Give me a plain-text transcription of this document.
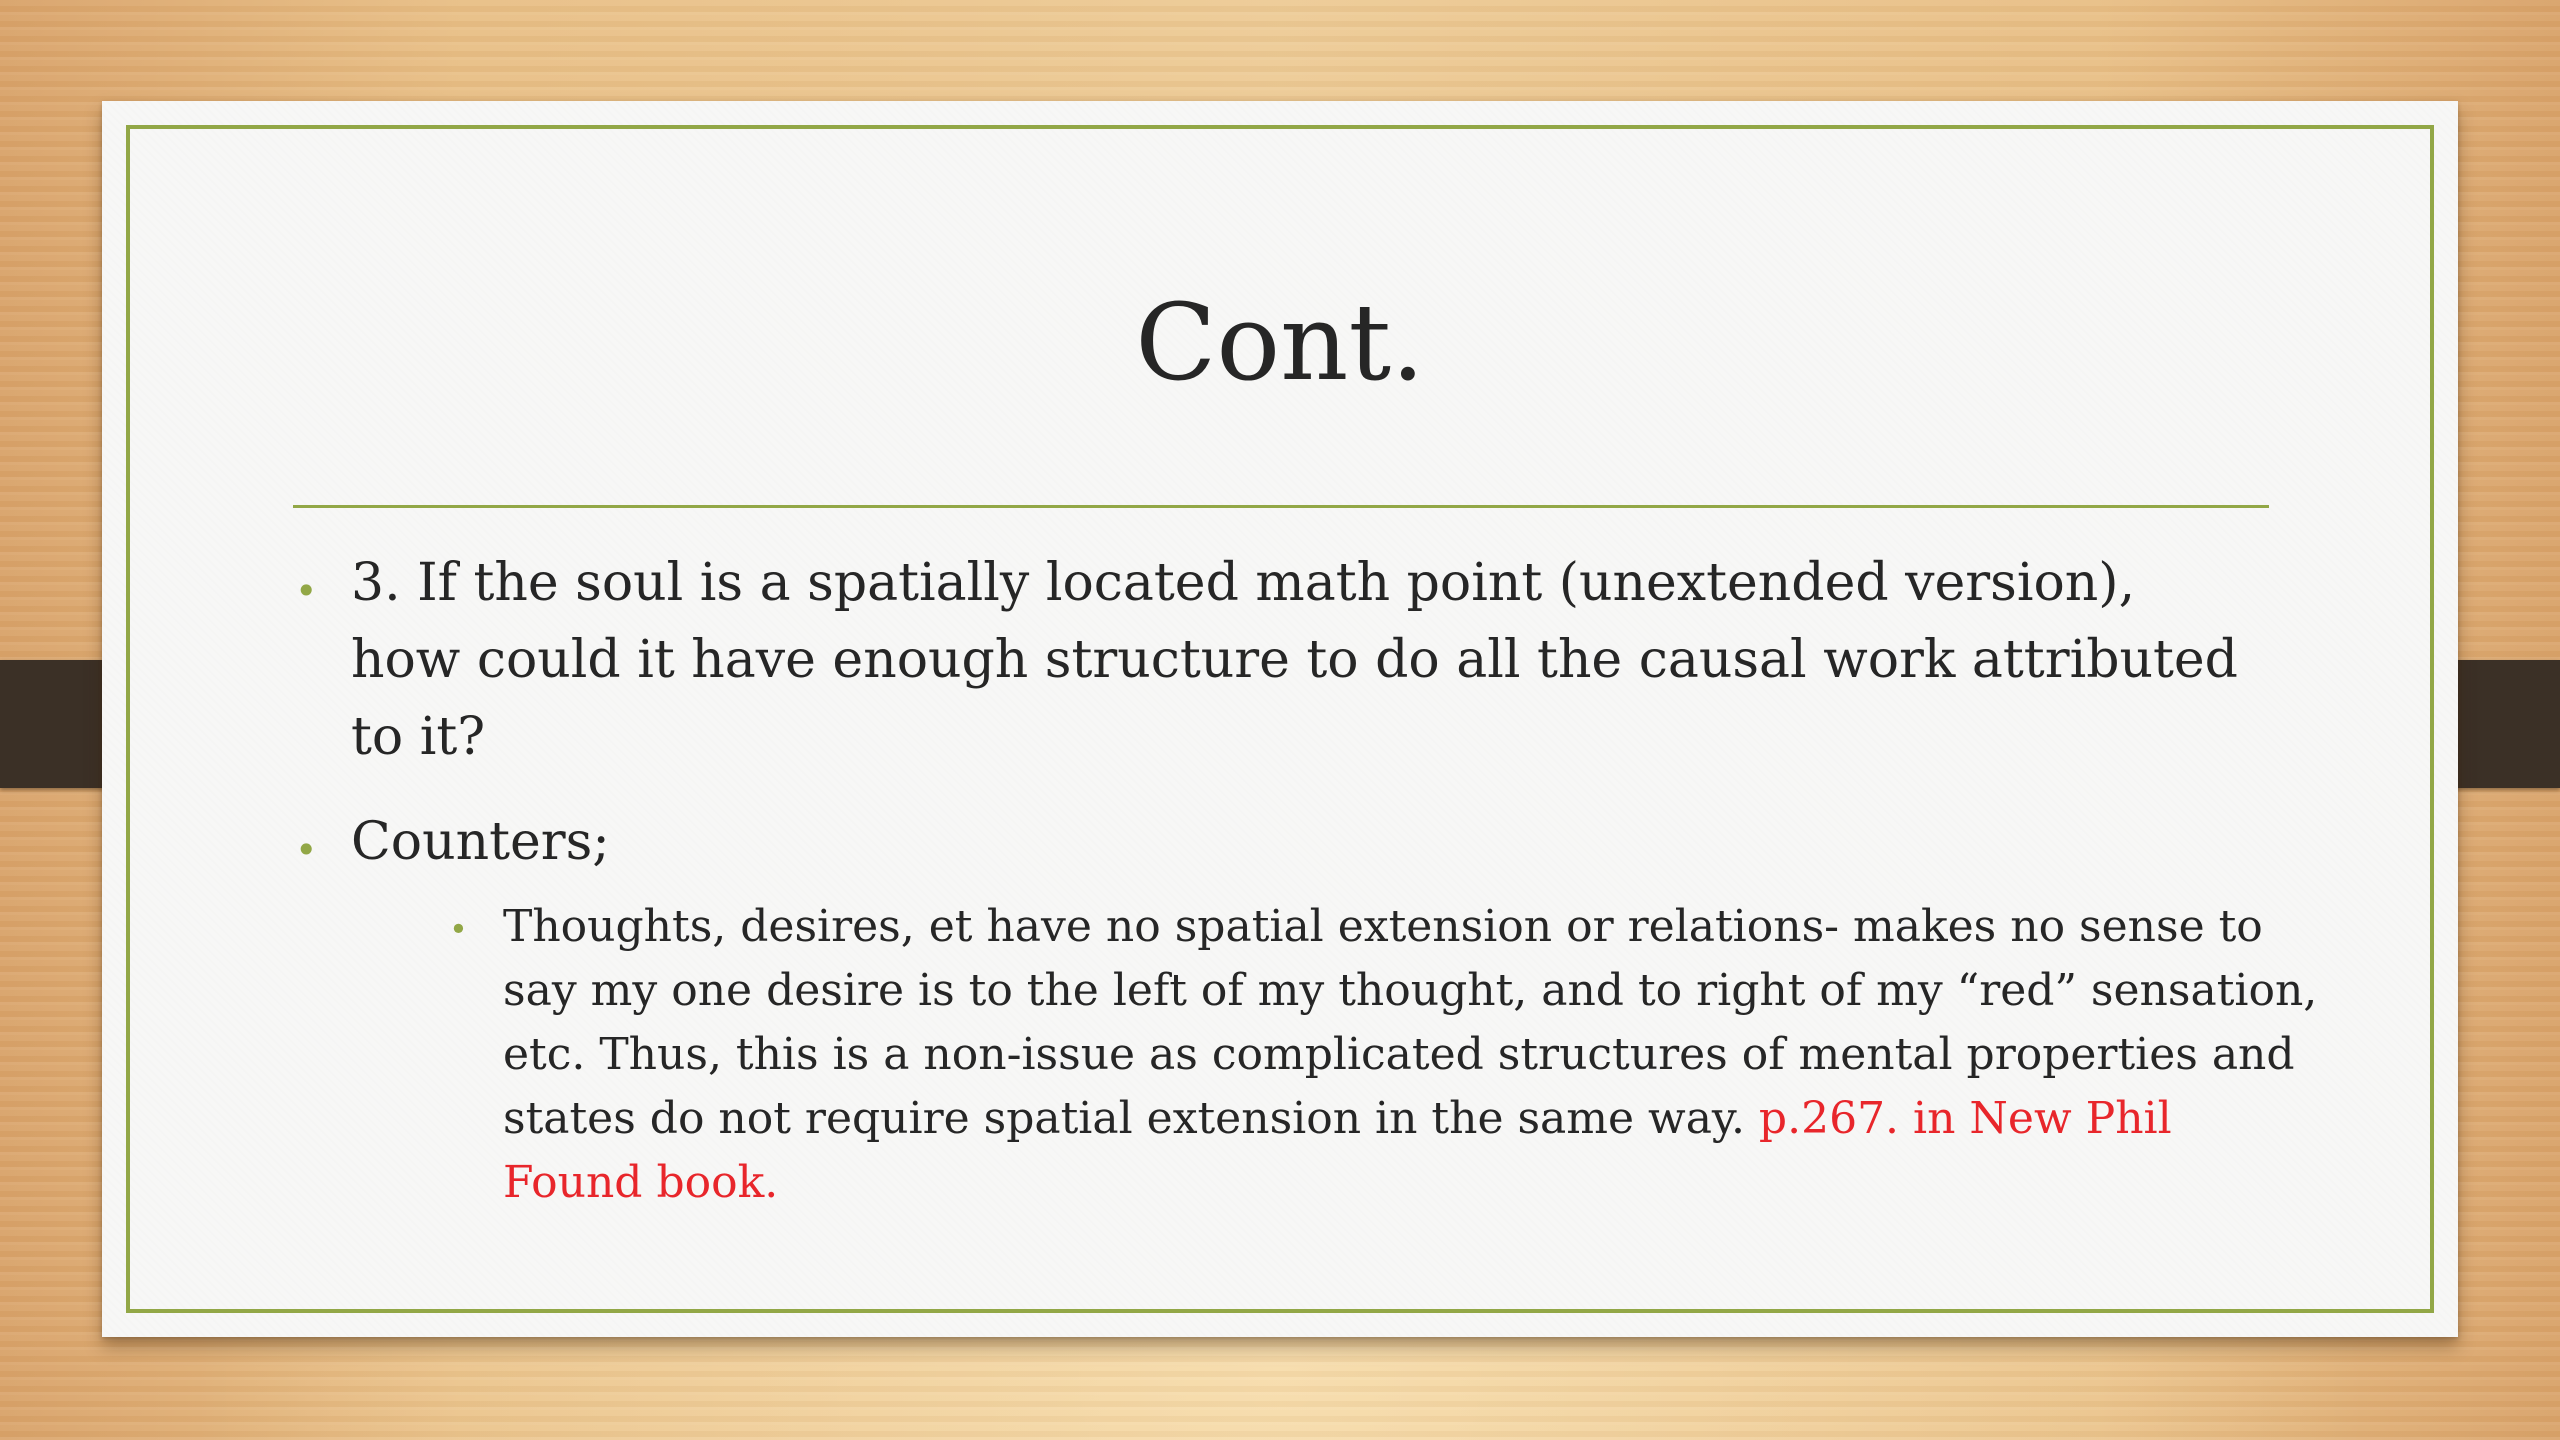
Cont.
• 3. If the soul is a spatially located math point (unextended version), how could it have enough structure to do all the causal work attributed to it?
• Counters;
• Thoughts, desires, et have no spatial extension or relations- makes no sense to say my one desire is to the left of my thought, and to right of my “red” sensation, etc. Thus, this is a non-issue as complicated structures of mental properties and states do not require spatial extension in the same way. p.267. in New Phil Found book.
